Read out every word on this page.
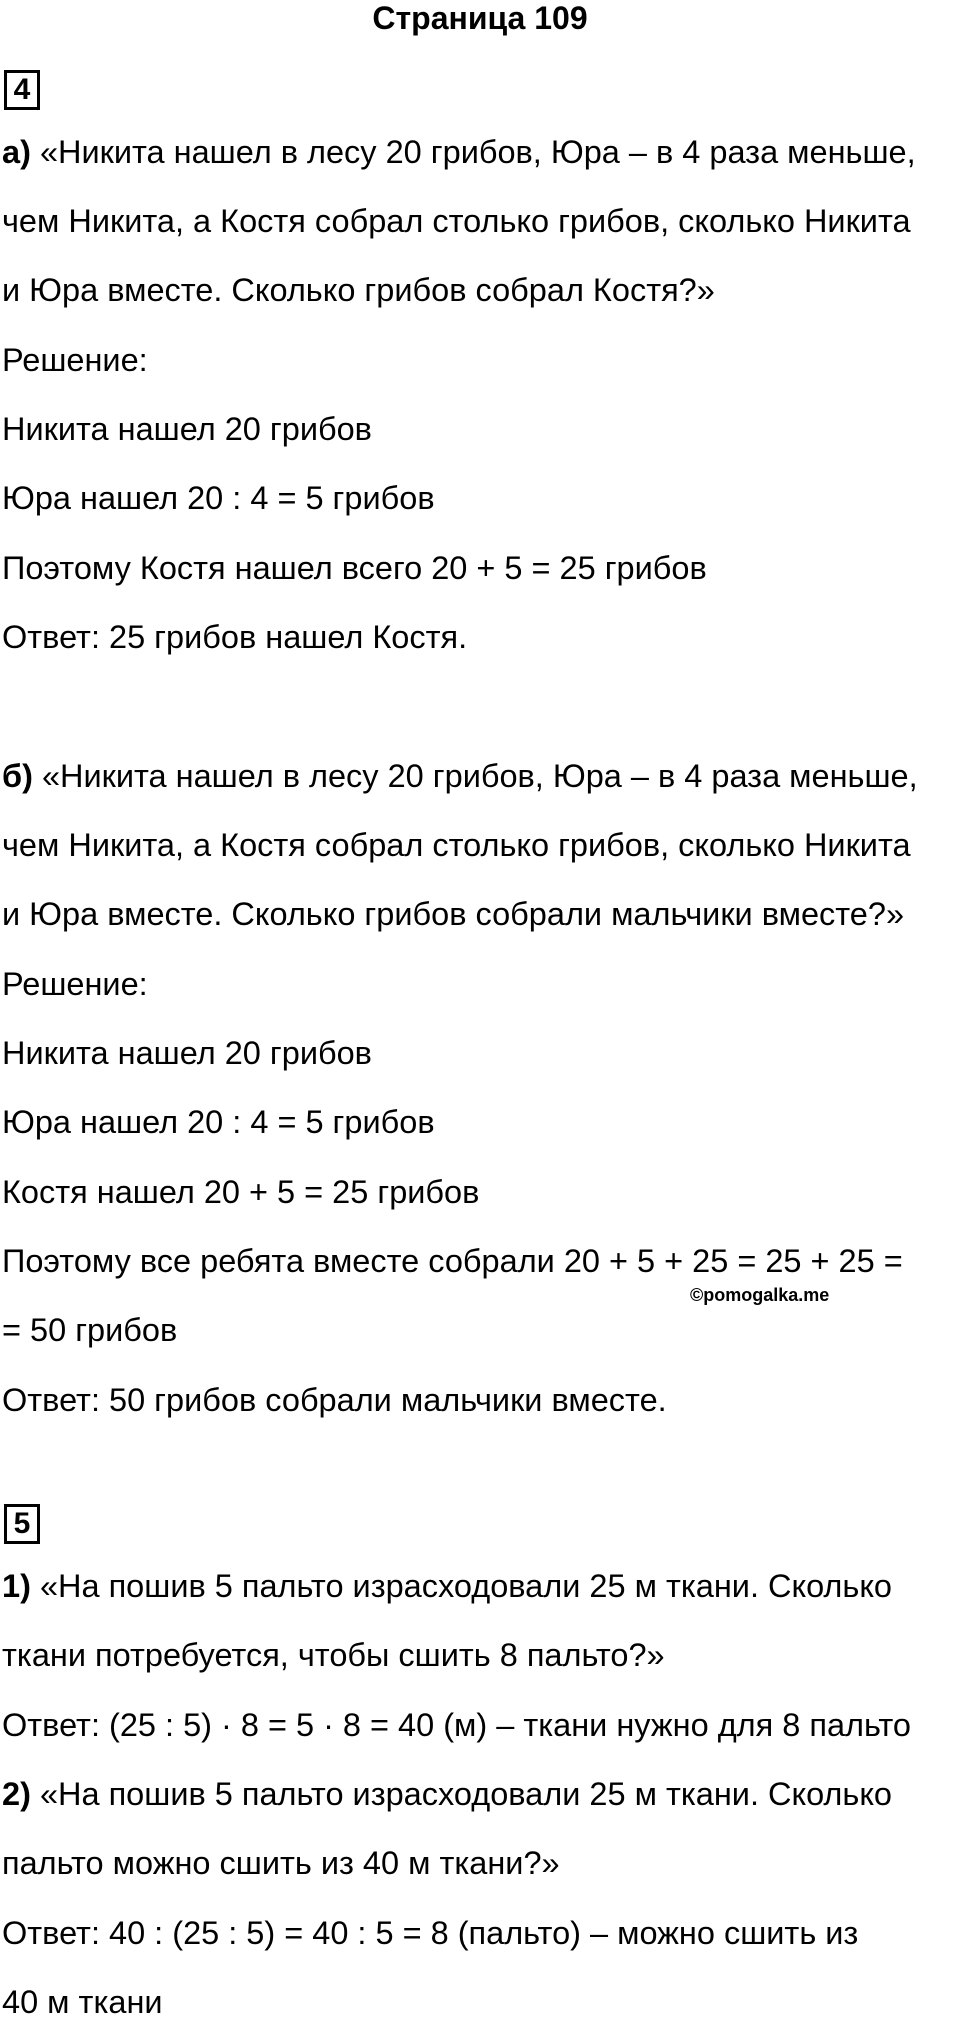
Страница 109
4
а) «Никита нашел в лесу 20 грибов, Юра – в 4 раза меньше,
чем Никита, а Костя собрал столько грибов, сколько Никита
и Юра вместе. Сколько грибов собрал Костя?»
Решение:
Никита нашел 20 грибов
Юра нашел 20 : 4 = 5 грибов
Поэтому Костя нашел всего 20 + 5 = 25 грибов
Ответ: 25 грибов нашел Костя.
б) «Никита нашел в лесу 20 грибов, Юра – в 4 раза меньше,
чем Никита, а Костя собрал столько грибов, сколько Никита
и Юра вместе. Сколько грибов собрали мальчики вместе?»
Решение:
Никита нашел 20 грибов
Юра нашел 20 : 4 = 5 грибов
Костя нашел 20 + 5 = 25 грибов
Поэтому все ребята вместе собрали 20 + 5 + 25 = 25 + 25 =
©pomogalka.me
= 50 грибов
Ответ: 50 грибов собрали мальчики вместе.
5
1) «На пошив 5 пальто израсходовали 25 м ткани. Сколько
ткани потребуется, чтобы сшить 8 пальто?»
Ответ: (25 : 5) · 8 = 5 · 8 = 40 (м) – ткани нужно для 8 пальто
2) «На пошив 5 пальто израсходовали 25 м ткани. Сколько
пальто можно сшить из 40 м ткани?»
Ответ: 40 : (25 : 5) = 40 : 5 = 8 (пальто) – можно сшить из
40 м ткани
